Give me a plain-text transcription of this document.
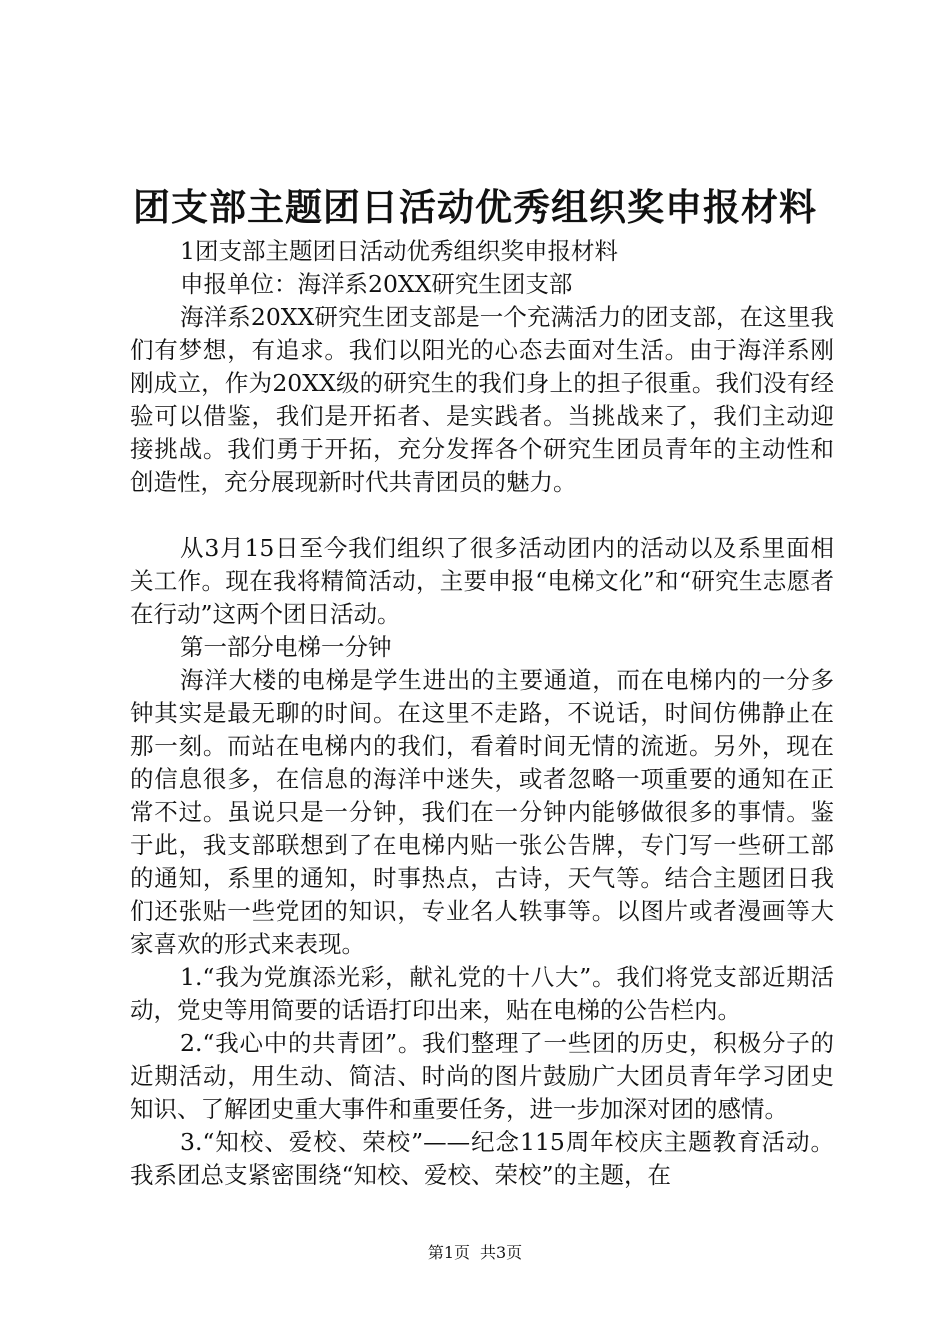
团支部主题团日活动优秀组织奖申报材料

1团支部主题团日活动优秀组织奖申报材料

申报单位：海洋系20XX研究生团支部

海洋系20XX研究生团支部是一个充满活力的团支部，在这里我们有梦想，有追求。我们以阳光的心态去面对生活。由于海洋系刚刚成立，作为20XX级的研究生的我们身上的担子很重。我们没有经验可以借鉴，我们是开拓者、是实践者。当挑战来了，我们主动迎接挑战。我们勇于开拓，充分发挥各个研究生团员青年的主动性和创造性，充分展现新时代共青团员的魅力。

从3月15日至今我们组织了很多活动团内的活动以及系里面相关工作。现在我将精简活动，主要申报“电梯文化”和“研究生志愿者在行动”这两个团日活动。

第一部分电梯一分钟

海洋大楼的电梯是学生进出的主要通道，而在电梯内的一分多钟其实是最无聊的时间。在这里不走路，不说话，时间仿佛静止在那一刻。而站在电梯内的我们，看着时间无情的流逝。另外，现在的信息很多，在信息的海洋中迷失，或者忽略一项重要的通知在正常不过。虽说只是一分钟，我们在一分钟内能够做很多的事情。鉴于此，我支部联想到了在电梯内贴一张公告牌，专门写一些研工部的通知，系里的通知，时事热点，古诗，天气等。结合主题团日我们还张贴一些党团的知识，专业名人轶事等。以图片或者漫画等大家喜欢的形式来表现。

1.“我为党旗添光彩，献礼党的十八大”。我们将党支部近期活动，党史等用简要的话语打印出来，贴在电梯的公告栏内。

2.“我心中的共青团”。我们整理了一些团的历史，积极分子的近期活动，用生动、简洁、时尚的图片鼓励广大团员青年学习团史知识、了解团史重大事件和重要任务，进一步加深对团的感情。

3.“知校、爱校、荣校”——纪念115周年校庆主题教育活动。我系团总支紧密围绕“知校、爱校、荣校”的主题，在

第1页 共3页
